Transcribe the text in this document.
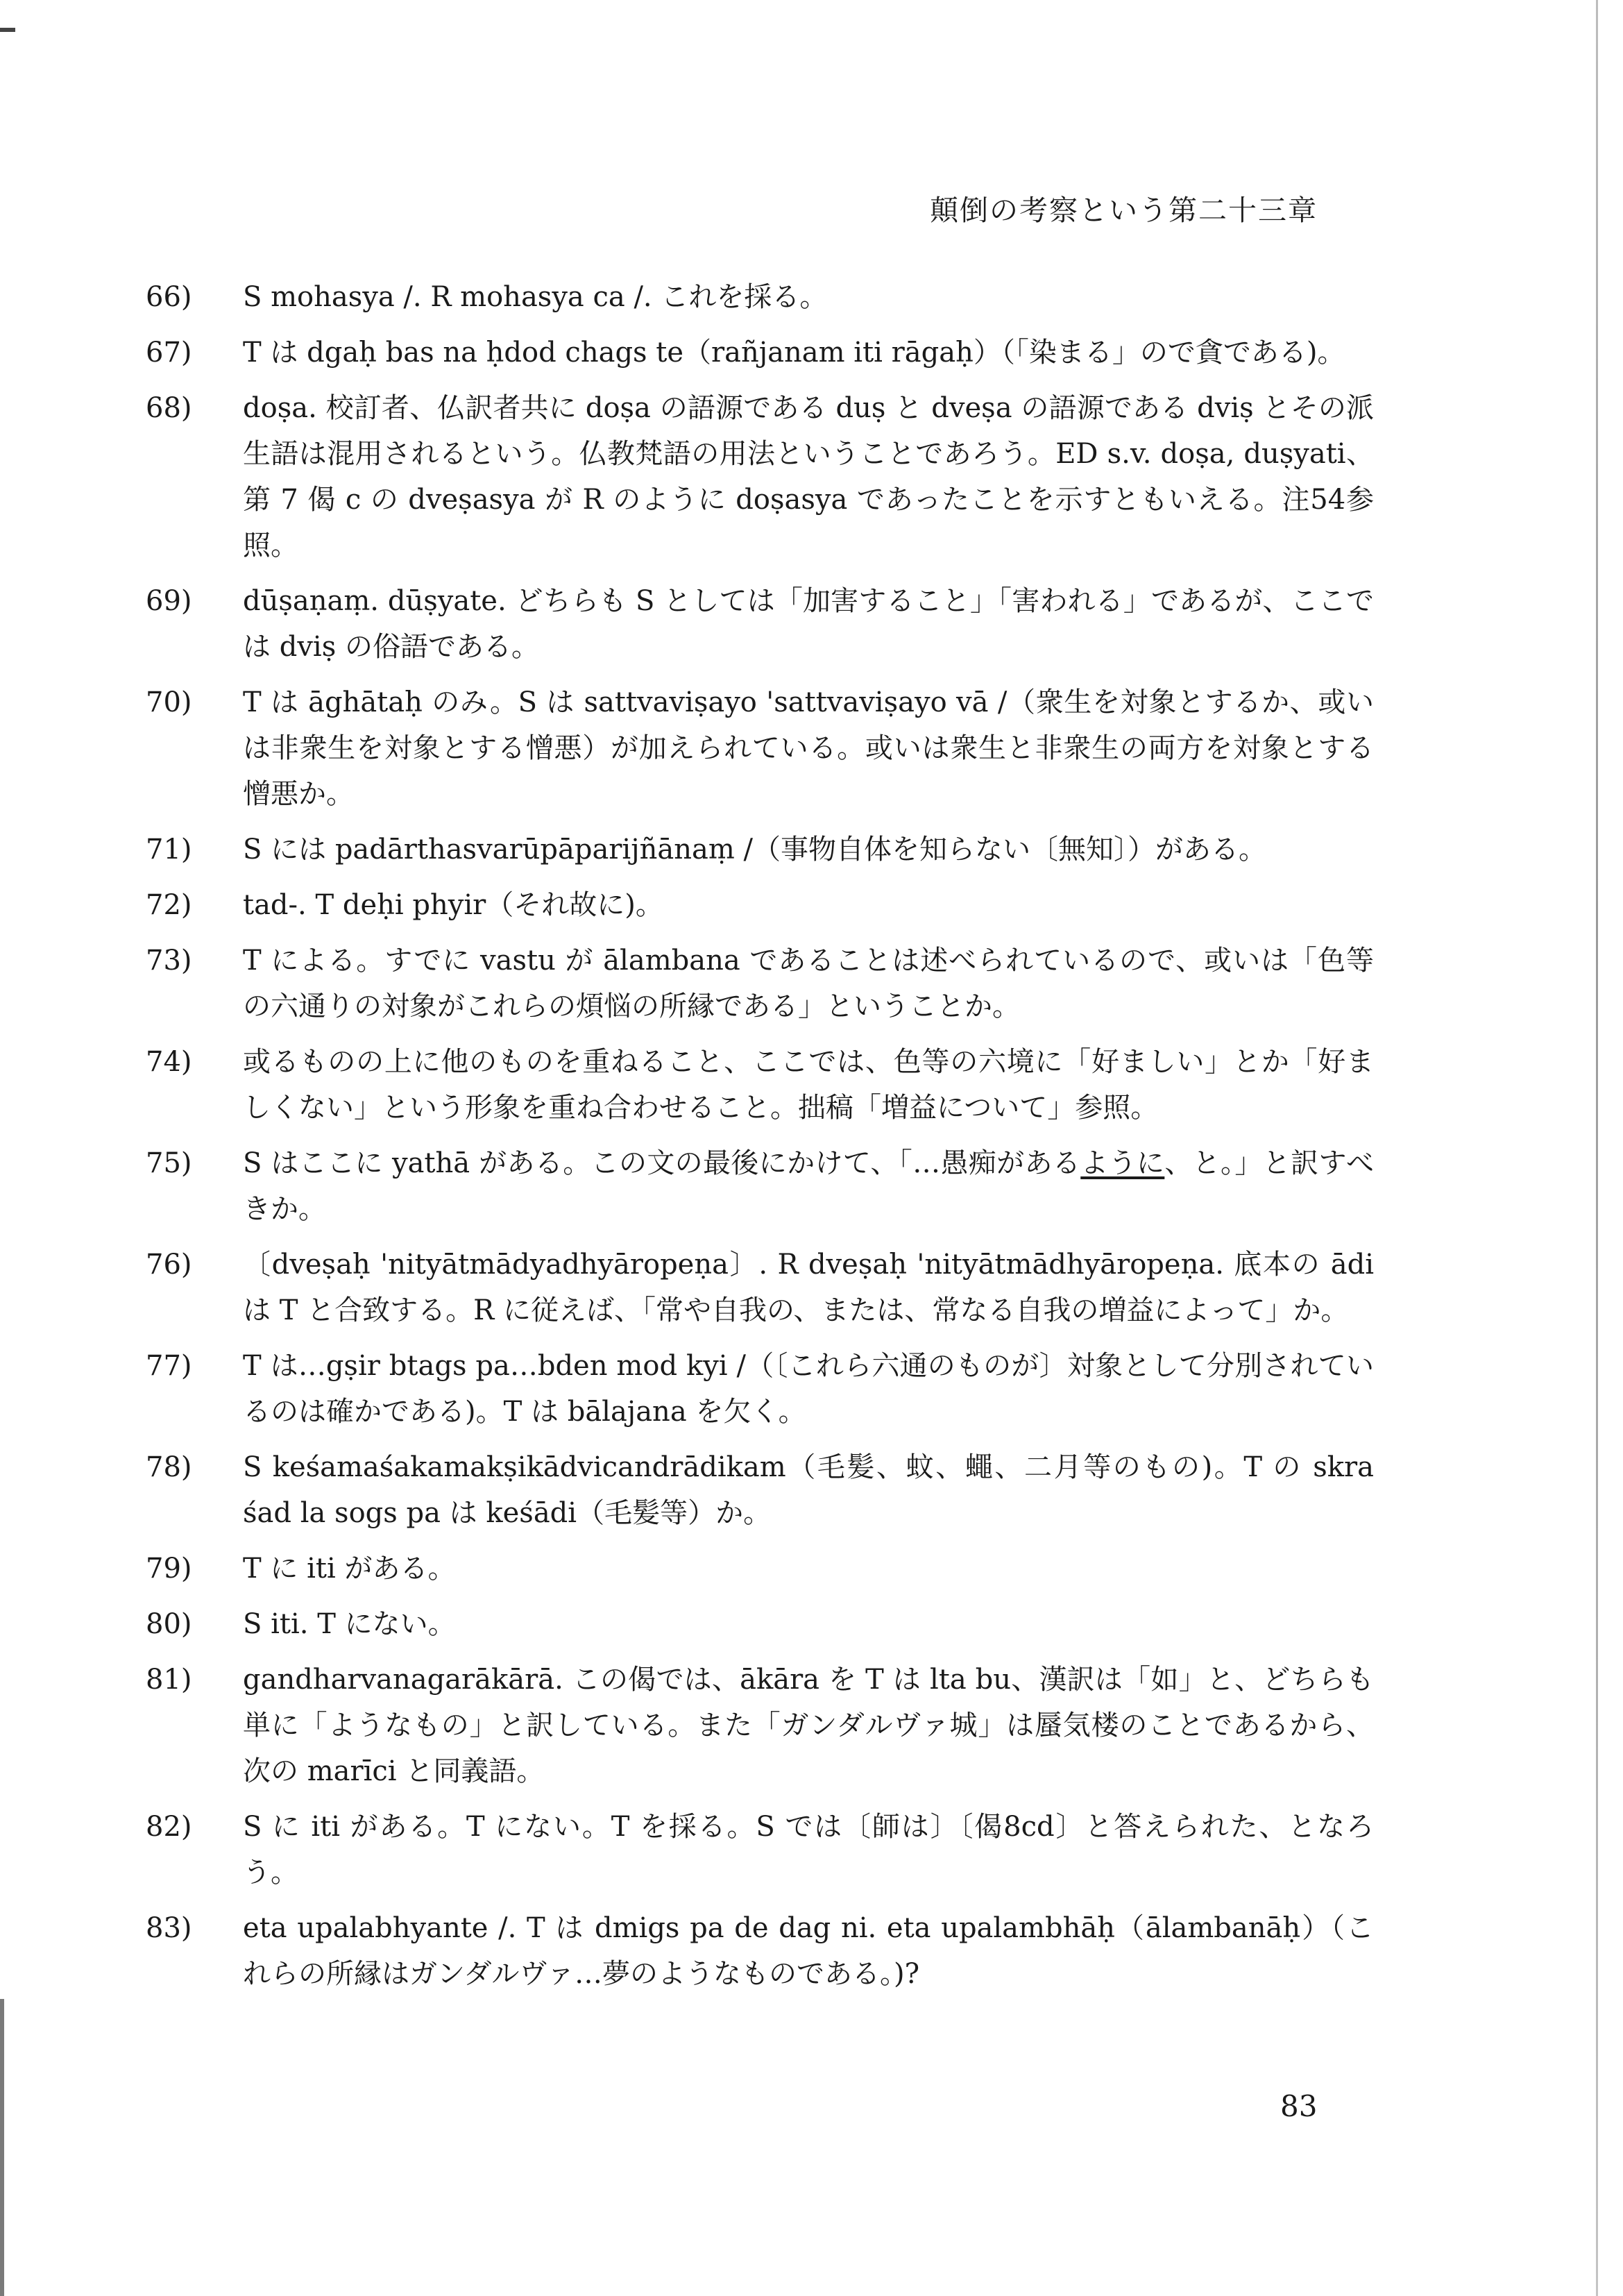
顛倒の考察という第二十三章
66)	S mohasya /. R mohasya ca /. これを採る。
67)	T は dgaḥ bas na ḥdod chags te（rañjanam iti rāgaḥ）（「染まる」ので貪である)。
68)	doṣa. 校訂者、仏訳者共に doṣa の語源である duṣ と dveṣa の語源である dviṣ とその派生語は混用されるという。仏教梵語の用法ということであろう。ED s.v. doṣa, duṣyati、第 7 偈 c の dveṣasya が R のように doṣasya であったことを示すともいえる。注54参照。
69)	dūṣaṇaṃ. dūṣyate. どちらも S としては「加害すること」「害われる」であるが、ここでは dviṣ の俗語である。
70)	T は āghātaḥ のみ。S は sattvaviṣayo 'sattvaviṣayo vā /（衆生を対象とするか、或いは非衆生を対象とする憎悪）が加えられている。或いは衆生と非衆生の両方を対象とする憎悪か。
71)	S には padārthasvarūpāparijñānaṃ /（事物自体を知らない〔無知〕）がある。
72)	tad-. T deḥi phyir（それ故に)。
73)	T による。すでに vastu が ālambana であることは述べられているので、或いは「色等の六通りの対象がこれらの煩悩の所縁である」ということか。
74)	或るものの上に他のものを重ねること、ここでは、色等の六境に「好ましい」とか「好ましくない」という形象を重ね合わせること。拙稿「増益について」参照。
75)	S はここに yathā がある。この文の最後にかけて、「…愚痴があるように、と。」と訳すべきか。
76)	〔dveṣaḥ 'nityātmādyadhyāropeṇa〕. R dveṣaḥ 'nityātmādhyāropeṇa. 底本の ādi は T と合致する。R に従えば、「常や自我の、または、常なる自我の増益によって」か。
77)	T は…gṣir btags pa…bden mod kyi /（〔これら六通のものが〕対象として分別されているのは確かである)。T は bālajana を欠く。
78)	S keśamaśakamakṣikādvicandrādikam（毛髪、蚊、蠅、二月等のもの)。T の skra śad la sogs pa は keśādi（毛髪等）か。
79)	T に iti がある。
80)	S iti. T にない。
81)	gandharvanagarākārā. この偈では、ākāra を T は lta bu、漢訳は「如」と、どちらも単に「ようなもの」と訳している。また「ガンダルヴァ城」は蜃気楼のことであるから、次の marīci と同義語。
82)	S に iti がある。T にない。T を採る。S では〔師は〕〔偈8cd〕と答えられた、となろう。
83)	eta upalabhyante /. T は dmigs pa de dag ni. eta upalambhāḥ（ālambanāḥ）（これらの所縁はガンダルヴァ…夢のようなものである。)?
83
